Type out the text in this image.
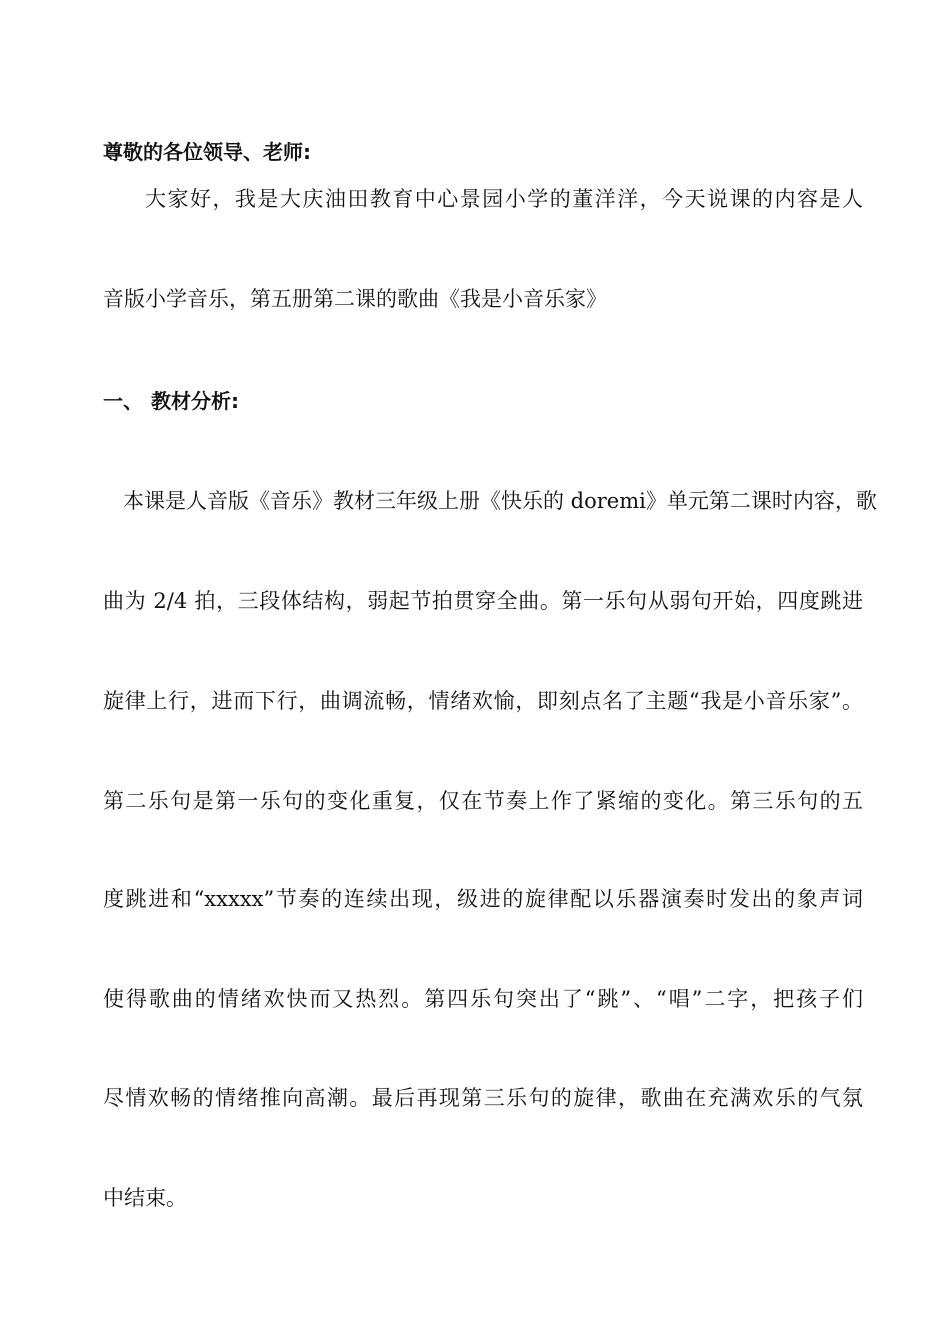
尊敬的各位领导、老师:
大家好，我是大庆油田教育中心景园小学的董洋洋，今天说课的内容是人
音版小学音乐，第五册第二课的歌曲《我是小音乐家》
一、 教材分析:
本课是人音版《音乐》教材三年级上册《快乐的 doremi》单元第二课时内容，歌
曲为 2/4 拍，三段体结构，弱起节拍贯穿全曲。第一乐句从弱句开始，四度跳进
旋律上行，进而下行，曲调流畅，情绪欢愉，即刻点名了主题“我是小音乐家”。
第二乐句是第一乐句的变化重复，仅在节奏上作了紧缩的变化。第三乐句的五
度跳进和“xxxxx”节奏的连续出现，级进的旋律配以乐器演奏时发出的象声词
使得歌曲的情绪欢快而又热烈。第四乐句突出了“跳”、“唱”二字，把孩子们
尽情欢畅的情绪推向高潮。最后再现第三乐句的旋律，歌曲在充满欢乐的气氛
中结束。
